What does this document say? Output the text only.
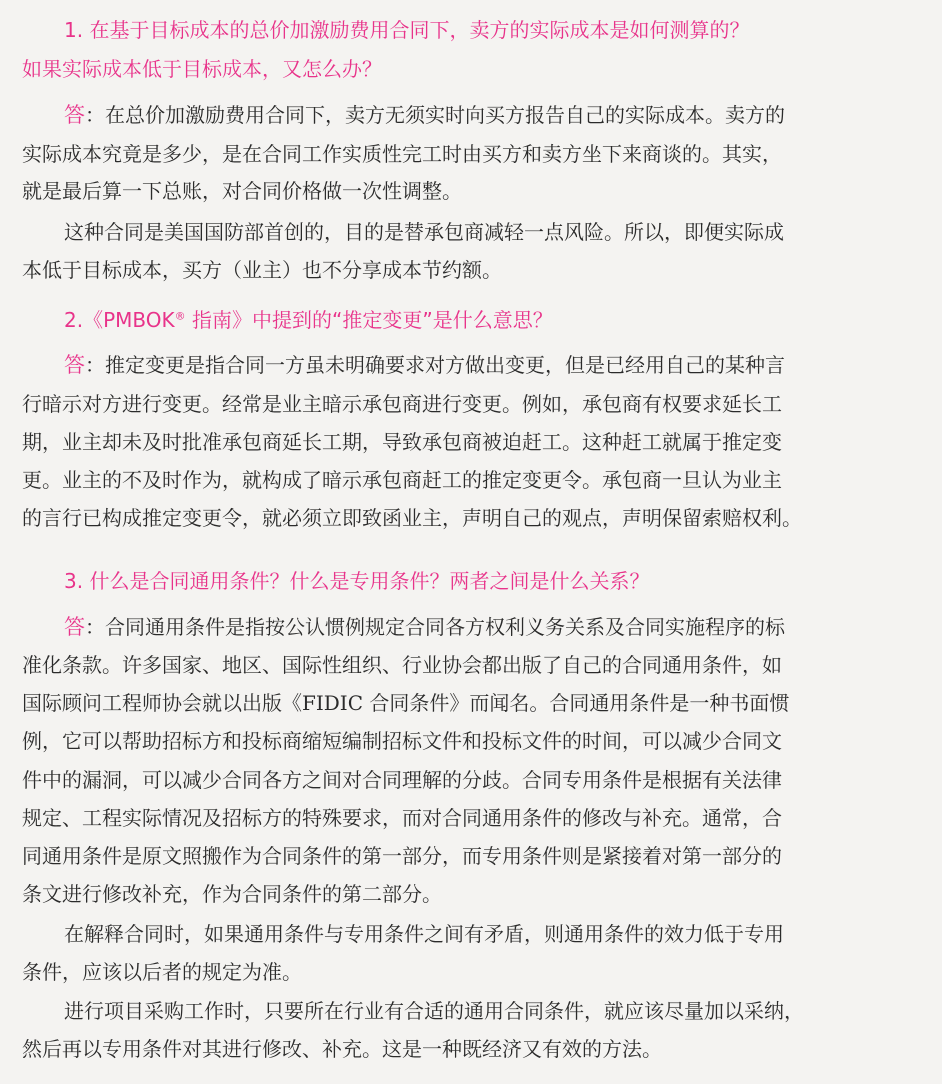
1. 在基于目标成本的总价加激励费用合同下，卖方的实际成本是如何测算的？
如果实际成本低于目标成本，又怎么办？
答：在总价加激励费用合同下，卖方无须实时向买方报告自己的实际成本。卖方的
实际成本究竟是多少，是在合同工作实质性完工时由买方和卖方坐下来商谈的。其实，
就是最后算一下总账，对合同价格做一次性调整。
这种合同是美国国防部首创的，目的是替承包商减轻一点风险。所以，即便实际成
本低于目标成本，买方（业主）也不分享成本节约额。
2.《PMBOK® 指南》中提到的“推定变更”是什么意思？
答：推定变更是指合同一方虽未明确要求对方做出变更，但是已经用自己的某种言
行暗示对方进行变更。经常是业主暗示承包商进行变更。例如，承包商有权要求延长工
期，业主却未及时批准承包商延长工期，导致承包商被迫赶工。这种赶工就属于推定变
更。业主的不及时作为，就构成了暗示承包商赶工的推定变更令。承包商一旦认为业主
的言行已构成推定变更令，就必须立即致函业主，声明自己的观点，声明保留索赔权利。
3. 什么是合同通用条件？什么是专用条件？两者之间是什么关系？
答：合同通用条件是指按公认惯例规定合同各方权利义务关系及合同实施程序的标
准化条款。许多国家、地区、国际性组织、行业协会都出版了自己的合同通用条件，如
国际顾问工程师协会就以出版《FIDIC 合同条件》而闻名。合同通用条件是一种书面惯
例，它可以帮助招标方和投标商缩短编制招标文件和投标文件的时间，可以减少合同文
件中的漏洞，可以减少合同各方之间对合同理解的分歧。合同专用条件是根据有关法律
规定、工程实际情况及招标方的特殊要求，而对合同通用条件的修改与补充。通常，合
同通用条件是原文照搬作为合同条件的第一部分，而专用条件则是紧接着对第一部分的
条文进行修改补充，作为合同条件的第二部分。
在解释合同时，如果通用条件与专用条件之间有矛盾，则通用条件的效力低于专用
条件，应该以后者的规定为准。
进行项目采购工作时，只要所在行业有合适的通用合同条件，就应该尽量加以采纳，
然后再以专用条件对其进行修改、补充。这是一种既经济又有效的方法。
